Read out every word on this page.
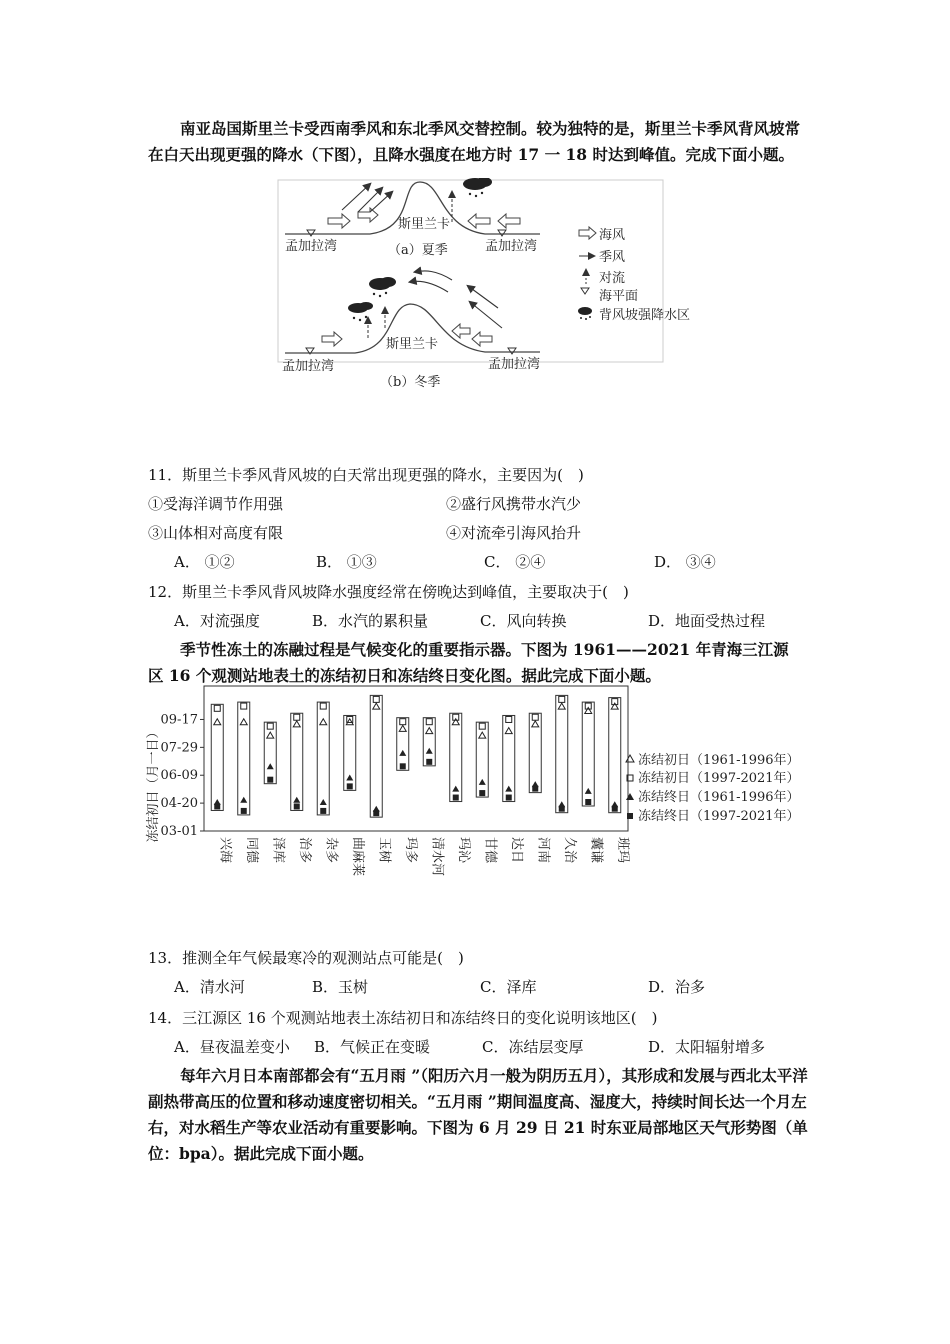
南亚岛国斯里兰卡受西南季风和东北季风交替控制。较为独特的是，斯里兰卡季风背风坡常在白天出现更强的降水（下图），且降水强度在地方时 17 一 18 时达到峰值。完成下面小题。
斯里兰卡
孟加拉湾	孟加拉湾
（a）夏季
斯里兰卡
孟加拉湾	孟加拉湾
（b）冬季
海风
季风
对流
海平面
背风坡强降水区
11．斯里兰卡季风背风坡的白天常出现更强的降水，主要因为(　)
①受海洋调节作用强	②盛行风携带水汽少
③山体相对高度有限	④对流牵引海风抬升
A． ①②	B． ①③	C． ②④	D． ③④
12．斯里兰卡季风背风坡降水强度经常在傍晚达到峰值，主要取决于(　)
A．对流强度	B．水汽的累积量	C．风向转换	D．地面受热过程
季节性冻土的冻融过程是气候变化的重要指示器。下图为 1961——2021 年青海三江源 区 16 个观测站地表土的冻结初日和冻结终日变化图。据此完成下面小题。
冻结初日（月一日） 03-01
04-20
06-09
07-29
09-17
兴海 同德 泽库 治多 杂多 曲麻莱 玉树 玛多 清水河 玛沁 甘德 达日 河南 久治 囊谦 班玛
冻结初日（1961-1996年）
冻结初日（1997-2021年）
冻结终日（1961-1996年）
冻结终日（1997-2021年）
13．推测全年气候最寒冷的观测站点可能是(　)
A．清水河	B．玉树	C．泽库	D．治多
14．三江源区 16 个观测站地表土冻结初日和冻结终日的变化说明该地区(　)
A．昼夜温差变小 B．气候正在变暖	C．冻结层变厚	D．太阳辐射增多
每年六月日本南部都会有“五月雨 ”（阳历六月一般为阴历五月），其形成和发展与西北太平洋副热带高压的位置和移动速度密切相关。“五月雨 ”期间温度高、湿度大，持续时间长达一个月左右，对水稻生产等农业活动有重要影响。下图为 6 月 29 日 21 时东亚局部地区天气形势图（单位：bpa）。据此完成下面小题。
